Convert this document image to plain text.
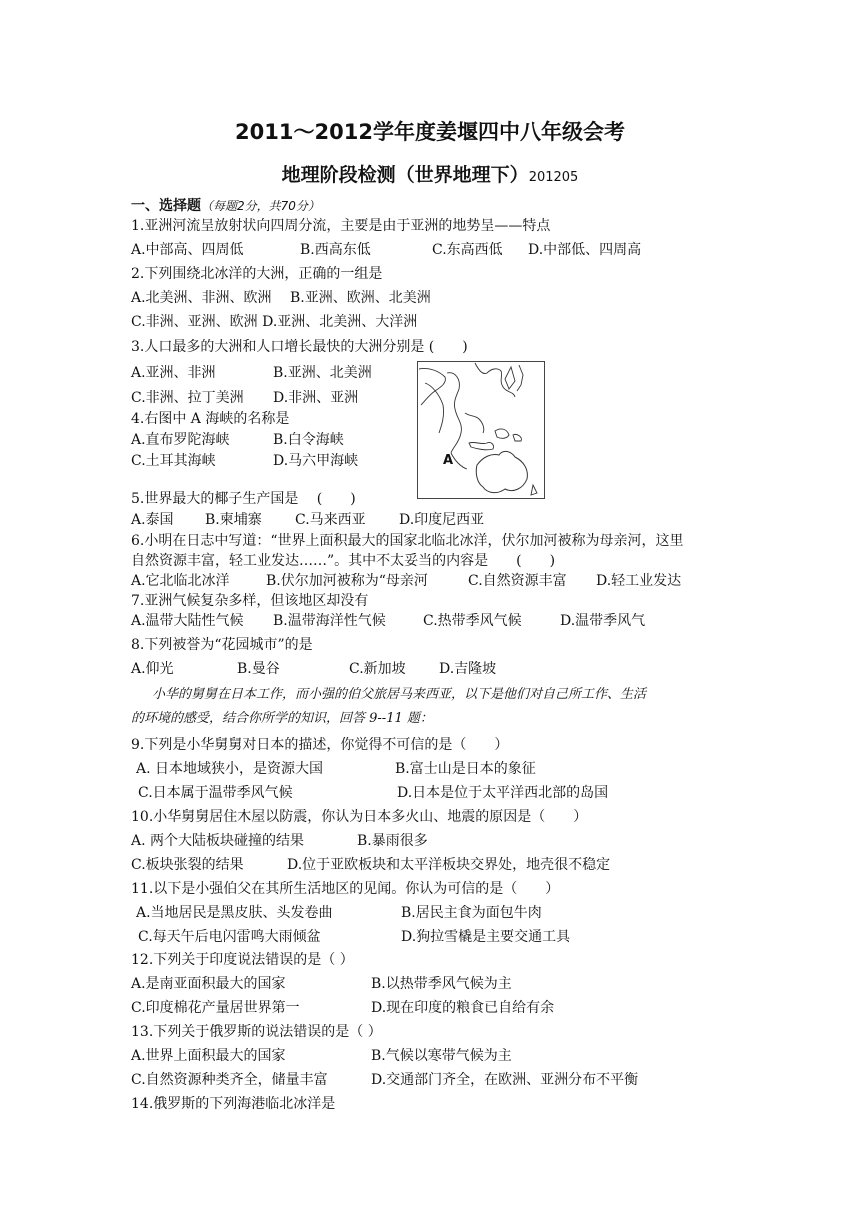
2011～2012学年度姜堰四中八年级会考
地理阶段检测（世界地理下）201205
一、选择题（每题2分，共70分）
1.亚洲河流呈放射状向四周分流，主要是由于亚洲的地势呈——特点
A.中部高、四周低	B.西高东低	C.东高西低 D.中部低、四周高
2.下列围绕北冰洋的大洲，正确的一组是
A.北美洲、非洲、欧洲　 B.亚洲、欧洲、北美洲
C.非洲、亚洲、欧洲 D.亚洲、北美洲、大洋洲
3.人口最多的大洲和人口增长最快的大洲分别是 (　　)
A.亚洲、非洲	B.亚洲、北美洲
C.非洲、拉丁美洲 D.非洲、亚洲
4.右图中 A 海峡的名称是
A.直布罗陀海峡	B.白令海峡
C.土耳其海峡	D.马六甲海峡	A
5.世界最大的椰子生产国是　 (　　)
A.泰国 B.柬埔寨 C.马来西亚 D.印度尼西亚
6.小明在日志中写道：“世界上面积最大的国家北临北冰洋，伏尔加河被称为母亲河，这里
自然资源丰富，轻工业发达……”。其中不太妥当的内容是　　(　　)
A.它北临北冰洋	B.伏尔加河被称为“母亲河	C.自然资源丰富 D.轻工业发达
7.亚洲气候复杂多样，但该地区却没有
A.温带大陆性气候 B.温带海洋性气候	C.热带季风气候	D.温带季风气
8.下列被誉为“花园城市”的是
A.仰光	B.曼谷	C.新加坡 D.吉隆坡
小华的舅舅在日本工作，而小强的伯父旅居马来西亚，以下是他们对自己所工作、生活
的环境的感受，结合你所学的知识，回答 9--11 题：
9.下列是小华舅舅对日本的描述，你觉得不可信的是（　　）
A. 日本地域狭小，是资源大国	B.富士山是日本的象征
C.日本属于温带季风气候	D.日本是位于太平洋西北部的岛国
10.小华舅舅居住木屋以防震，你认为日本多火山、地震的原因是（　　）
A. 两个大陆板块碰撞的结果	B.暴雨很多
C.板块张裂的结果	D.位于亚欧板块和太平洋板块交界处，地壳很不稳定
11.以下是小强伯父在其所生活地区的见闻。你认为可信的是（　　）
A.当地居民是黑皮肤、头发卷曲	B.居民主食为面包牛肉
C.每天午后电闪雷鸣大雨倾盆	D.狗拉雪橇是主要交通工具
12.下列关于印度说法错误的是（ ）
A.是南亚面积最大的国家	B.以热带季风气候为主
C.印度棉花产量居世界第一	D.现在印度的粮食已自给有余
13.下列关于俄罗斯的说法错误的是（ ）
A.世界上面积最大的国家	B.气候以寒带气候为主
C.自然资源种类齐全，储量丰富	D.交通部门齐全，在欧洲、亚洲分布不平衡
14.俄罗斯的下列海港临北冰洋是
